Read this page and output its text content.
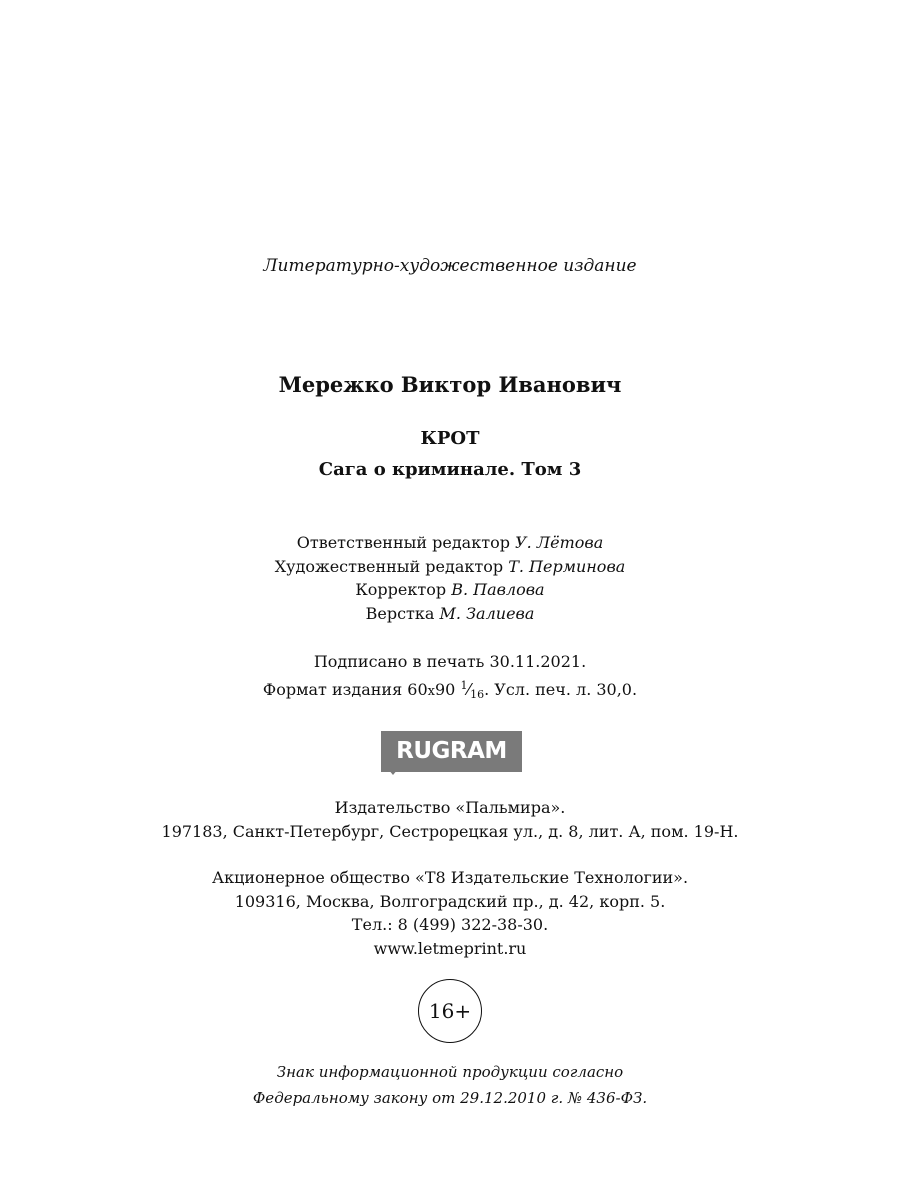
Литературно-художественное издание
Мережко Виктор Иванович
КРОТ
Сага о криминале. Том 3
Ответственный редактор У. Лётова
Художественный редактор Т. Перминова
Корректор В. Павлова
Верстка М. Залиева
Подписано в печать 30.11.2021.
Формат издания 60x90 $^1⁄_{16}$. Усл. печ. л. 30,0.
RUGRAM
Издательство «Пальмира».
197183, Санкт-Петербург, Сестрорецкая ул., д. 8, лит. А, пом. 19-Н.
Акционерное общество «Т8 Издательские Технологии».
109316, Москва, Волгоградский пр., д. 42, корп. 5.
Тел.: 8 (499) 322-38-30.
www.letmeprint.ru
16+
Знак информационной продукции согласно
Федеральному закону от 29.12.2010 г. № 436-ФЗ.
